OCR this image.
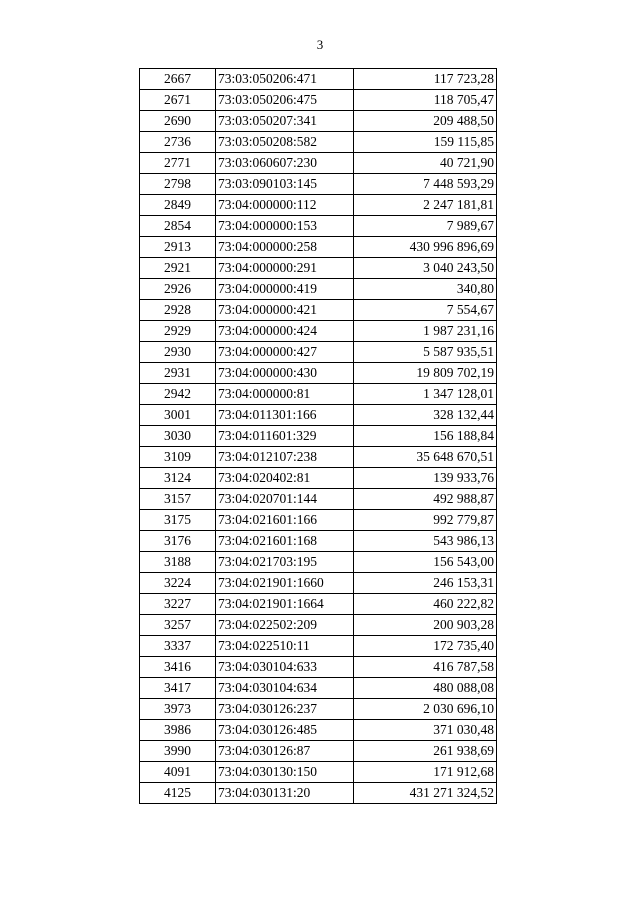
3
2667	73:03:050206:471	117 723,28
2671	73:03:050206:475	118 705,47
2690	73:03:050207:341	209 488,50
2736	73:03:050208:582	159 115,85
2771	73:03:060607:230	40 721,90
2798	73:03:090103:145	7 448 593,29
2849	73:04:000000:112	2 247 181,81
2854	73:04:000000:153	7 989,67
2913	73:04:000000:258	430 996 896,69
2921	73:04:000000:291	3 040 243,50
2926	73:04:000000:419	340,80
2928	73:04:000000:421	7 554,67
2929	73:04:000000:424	1 987 231,16
2930	73:04:000000:427	5 587 935,51
2931	73:04:000000:430	19 809 702,19
2942	73:04:000000:81	1 347 128,01
3001	73:04:011301:166	328 132,44
3030	73:04:011601:329	156 188,84
3109	73:04:012107:238	35 648 670,51
3124	73:04:020402:81	139 933,76
3157	73:04:020701:144	492 988,87
3175	73:04:021601:166	992 779,87
3176	73:04:021601:168	543 986,13
3188	73:04:021703:195	156 543,00
3224	73:04:021901:1660	246 153,31
3227	73:04:021901:1664	460 222,82
3257	73:04:022502:209	200 903,28
3337	73:04:022510:11	172 735,40
3416	73:04:030104:633	416 787,58
3417	73:04:030104:634	480 088,08
3973	73:04:030126:237	2 030 696,10
3986	73:04:030126:485	371 030,48
3990	73:04:030126:87	261 938,69
4091	73:04:030130:150	171 912,68
4125	73:04:030131:20	431 271 324,52
